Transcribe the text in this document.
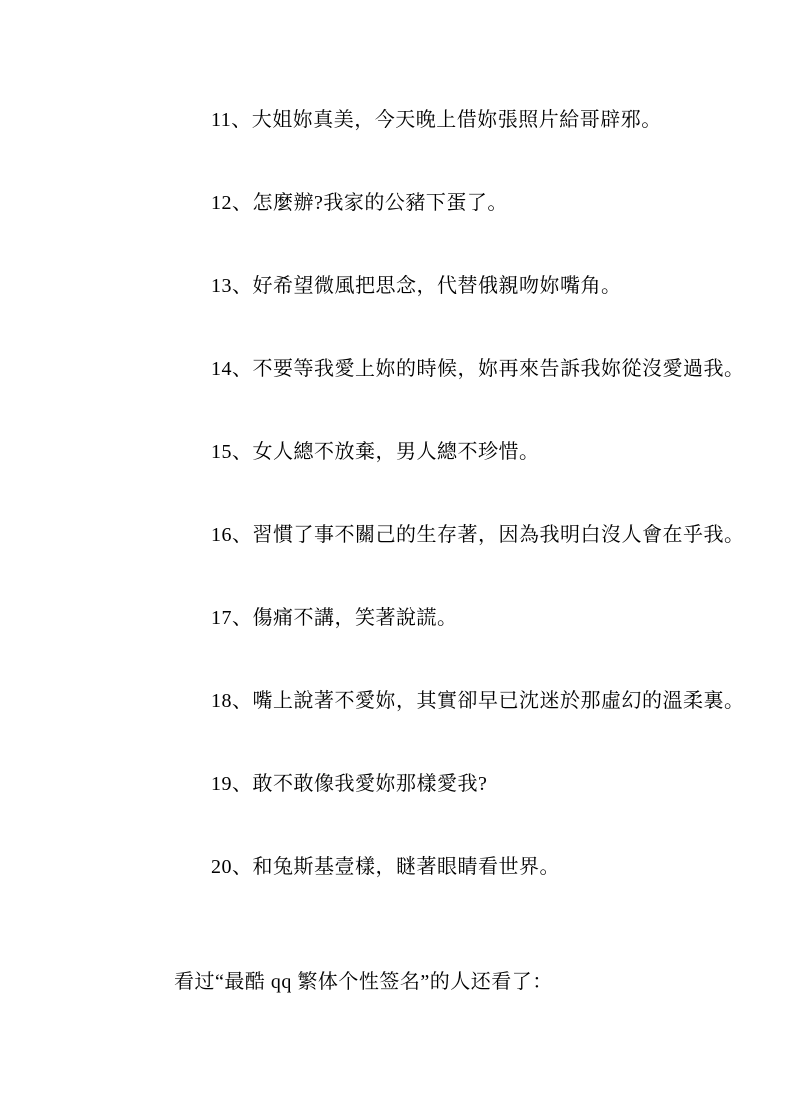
11、大姐妳真美，今天晚上借妳張照片給哥辟邪。

12、怎麼辦?我家的公豬下蛋了。

13、好希望微風把思念，代替俄親吻妳嘴角。

14、不要等我愛上妳的時候，妳再來告訴我妳從沒愛過我。

15、女人總不放棄，男人總不珍惜。

16、習慣了事不關己的生存著，因為我明白沒人會在乎我。

17、傷痛不講，笑著說謊。

18、嘴上說著不愛妳，其實卻早已沈迷於那虛幻的溫柔裏。

19、敢不敢像我愛妳那樣愛我?

20、和兔斯基壹樣，瞇著眼睛看世界。

看过“最酷 qq 繁体个性签名”的人还看了：
